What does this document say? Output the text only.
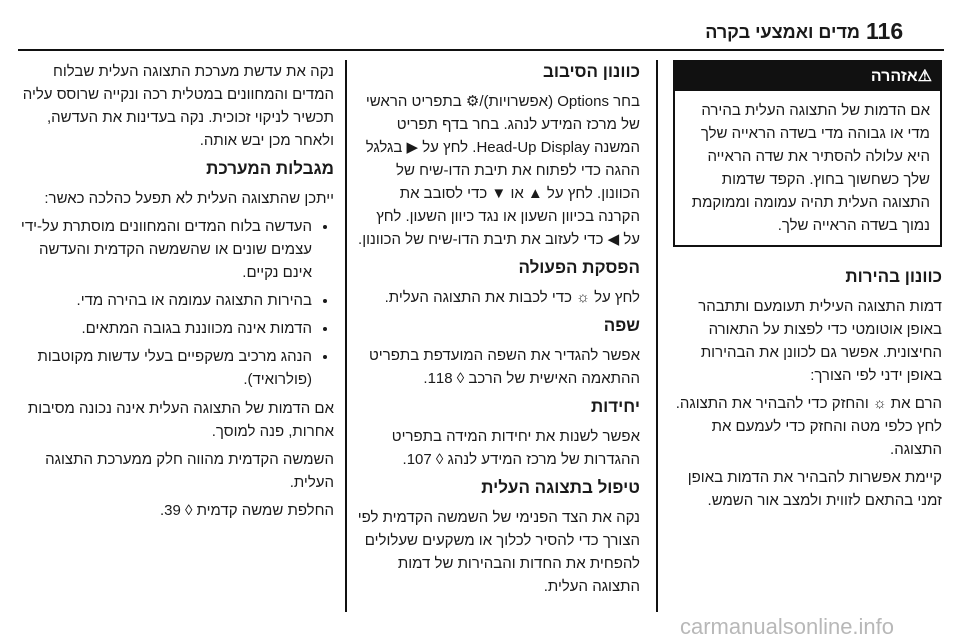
116
מדים ואמצעי בקרה
⚠אזהרה
אם הדמות של התצוגה העלית בהירה מדי או גבוהה מדי בשדה הראייה שלך היא עלולה להסתיר את שדה הראייה שלך כשחשוך בחוץ. הקפד שדמות התצוגה העלית תהיה עמומה וממוקמת נמוך בשדה הראייה שלך.
כוונון בהירות

דמות התצוגה העילית תעומעם ותתבהר באופן אוטומטי כדי לפצות על התאורה החיצונית. אפשר גם לכוונן את הבהירות באופן ידני לפי הצורך:

הרם את ☼ והחזק כדי להבהיר את התצוגה. לחץ כלפי מטה והחזק כדי לעמעם את התצוגה.

קיימת אפשרות להבהיר את הדמות באופן זמני בהתאם לזווית ולמצב אור השמש.

כוונון הסיבוב

בחר Options (אפשרויות)/⚙ בתפריט הראשי של מרכז המידע לנהג. בחר בדף תפריט המשנה Head-Up Display. לחץ על ▶ בגלגל ההגה כדי לפתוח את תיבת הדו-שיח של הכוונון. לחץ על ▲ או ▼ כדי לסובב את הקרנה בכיוון השעון או נגד כיוון השעון. לחץ על ◀ כדי לעזוב את תיבת הדו-שיח של הכוונון.

הפסקת הפעולה

לחץ על ☼ כדי לכבות את התצוגה העלית.

שפה

אפשר להגדיר את השפה המועדפת בתפריט ההתאמה האישית של הרכב ◊ 118.

יחידות

אפשר לשנות את יחידות המידה בתפריט ההגדרות של מרכז המידע לנהג ◊ 107.

טיפול בתצוגה העלית

נקה את הצד הפנימי של השמשה הקדמית לפי הצורך כדי להסיר לכלוך או משקעים שעלולים להפחית את החדות והבהירות של דמות התצוגה העלית.

נקה את עדשת מערכת התצוגה העלית שבלוח המדים והמחוונים במטלית רכה ונקייה שרוסס עליה תכשיר לניקוי זכוכית. נקה בעדינות את העדשה, ולאחר מכן יבש אותה.

מגבלות המערכת

ייתכן שהתצוגה העלית לא תפעל כהלכה כאשר:

• העדשה בלוח המדים והמחוונים מוסתרת על-ידי עצמים שונים או שהשמשה הקדמית והעדשה אינם נקיים.
• בהירות התצוגה עמומה או בהירה מדי.
• הדמות אינה מכווננת בגובה המתאים.
• הנהג מרכיב משקפיים בעלי עדשות מקוטבות (פולרואיד).

אם הדמות של התצוגה העלית אינה נכונה מסיבות אחרות, פנה למוסך.

השמשה הקדמית מהווה חלק ממערכת התצוגה העלית.

החלפת שמשה קדמית ◊ 39.

carmanualsonline.info
